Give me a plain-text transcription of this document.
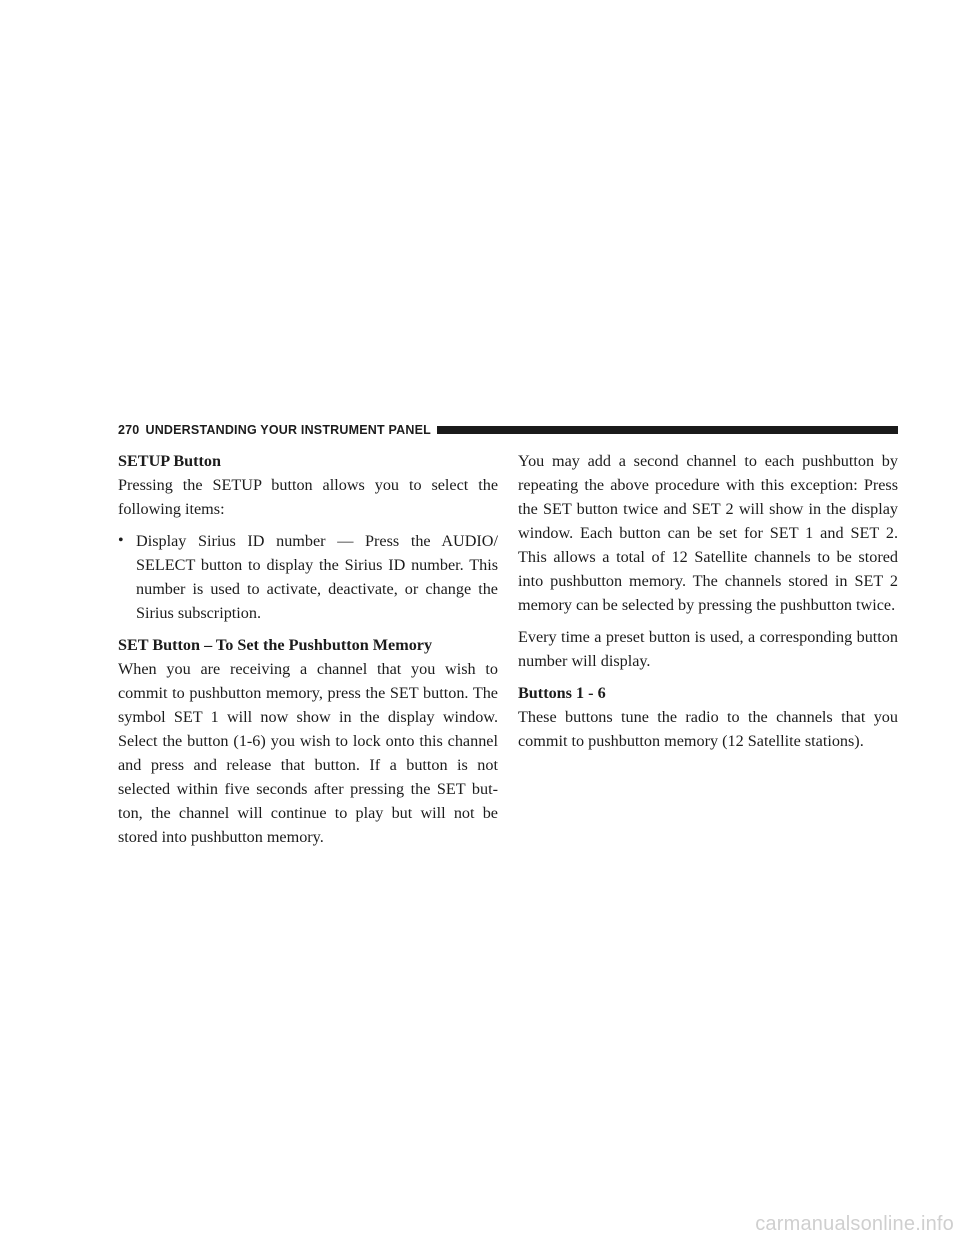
270 UNDERSTANDING YOUR INSTRUMENT PANEL

SETUP Button

Pressing the SETUP button allows you to select the following items:

• Display Sirius ID number — Press the AUDIO/ SELECT button to display the Sirius ID number. This number is used to activate, deactivate, or change the Sirius subscription.

SET Button – To Set the Pushbutton Memory

When you are receiving a channel that you wish to commit to pushbutton memory, press the SET button. The symbol SET 1 will now show in the display window. Select the button (1-6) you wish to lock onto this channel and press and release that button. If a button is not selected within five seconds after pressing the SET but- ton, the channel will continue to play but will not be stored into pushbutton memory.

You may add a second channel to each pushbutton by repeating the above procedure with this exception: Press the SET button twice and SET 2 will show in the display window. Each button can be set for SET 1 and SET 2. This allows a total of 12 Satellite channels to be stored into pushbutton memory. The channels stored in SET 2 memory can be selected by pressing the pushbutton twice.

Every time a preset button is used, a corresponding button number will display.

Buttons 1 - 6

These buttons tune the radio to the channels that you commit to pushbutton memory (12 Satellite stations).

carmanualsonline.info
